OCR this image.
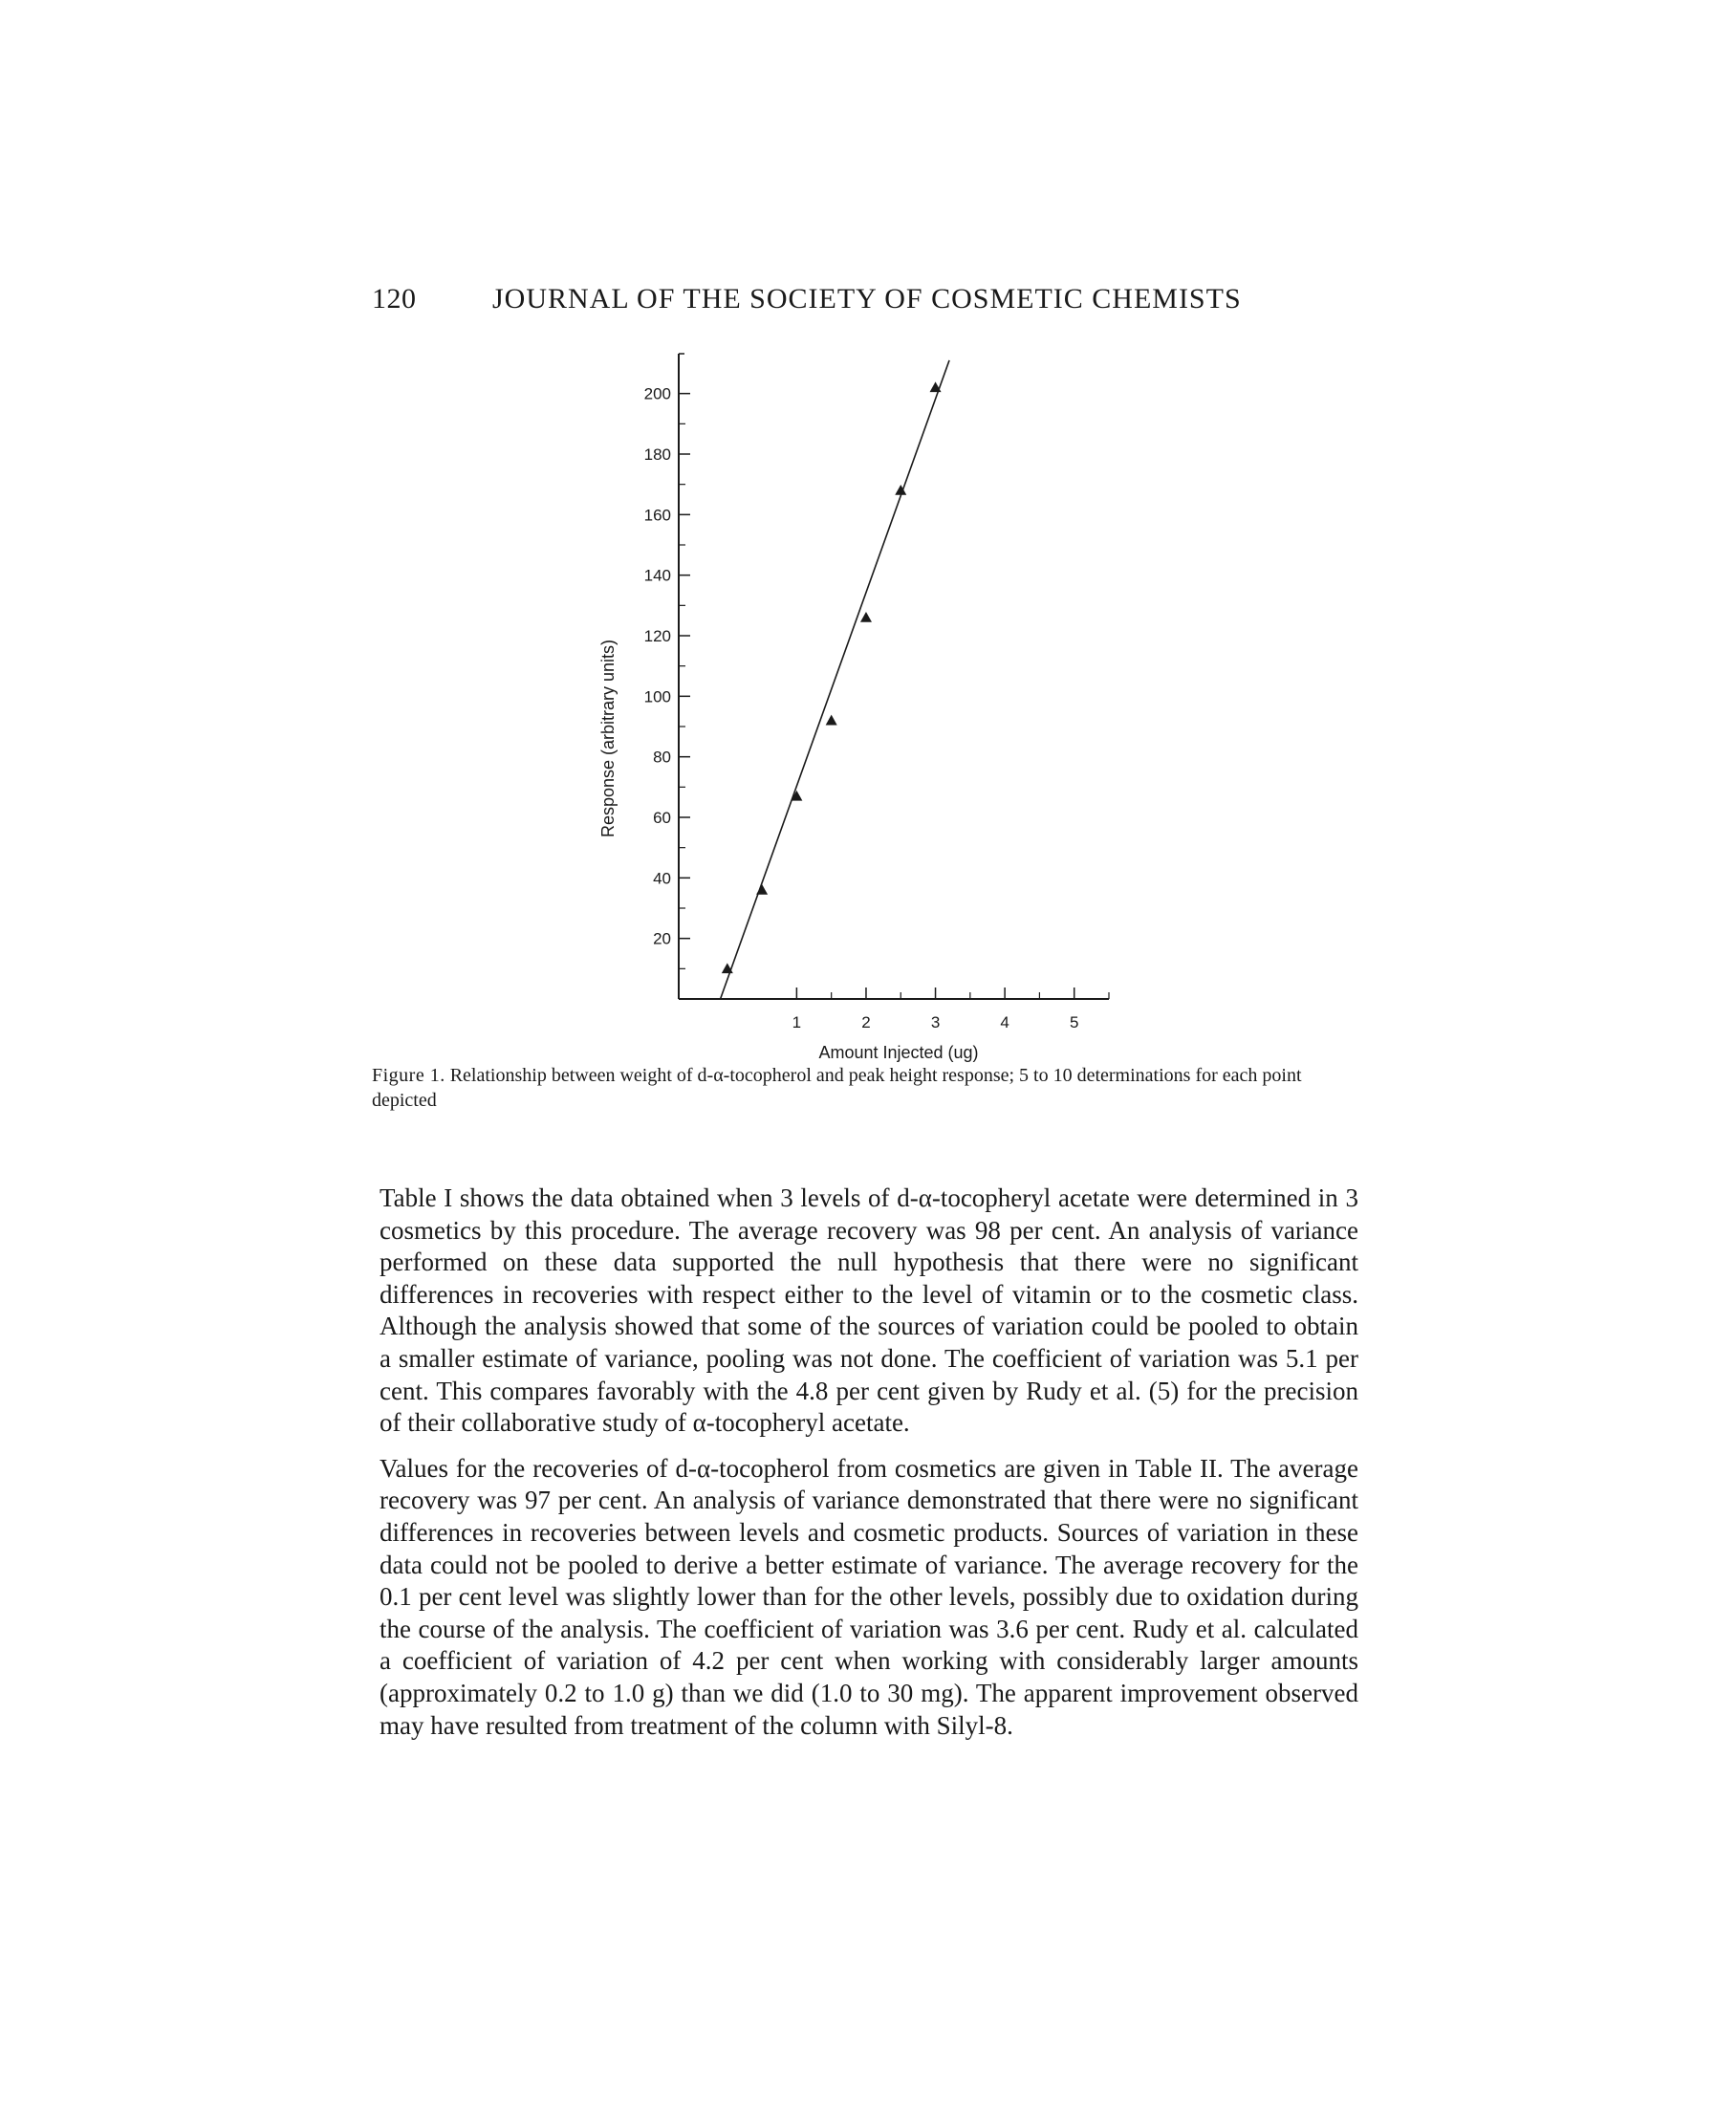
120	JOURNAL OF THE SOCIETY OF COSMETIC CHEMISTS
Response (arbitrary units)
20
40
60
80
100
120
140
160
180
200
1	2	3	4	5
Amount Injected (ug)
Figure 1. Relationship between weight of d-α-tocopherol and peak height response; 5 to 10 determinations for each point depicted

Table I shows the data obtained when 3 levels of d-α-tocopheryl acetate were determined in 3 cosmetics by this procedure. The average recovery was 98 per cent. An analysis of variance performed on these data supported the null hypothesis that there were no significant differences in recoveries with respect either to the level of vitamin or to the cosmetic class. Although the analysis showed that some of the sources of variation could be pooled to obtain a smaller estimate of variance, pooling was not done. The coefficient of variation was 5.1 per cent. This compares favorably with the 4.8 per cent given by Rudy et al. (5) for the precision of their collaborative study of α-tocopheryl acetate.

Values for the recoveries of d-α-tocopherol from cosmetics are given in Table II. The average recovery was 97 per cent. An analysis of variance demonstrated that there were no significant differences in recoveries between levels and cosmetic products. Sources of variation in these data could not be pooled to derive a better estimate of variance. The average recovery for the 0.1 per cent level was slightly lower than for the other levels, possibly due to oxidation during the course of the analysis. The coefficient of variation was 3.6 per cent. Rudy et al. calculated a coefficient of variation of 4.2 per cent when working with considerably larger amounts (approximately 0.2 to 1.0 g) than we did (1.0 to 30 mg). The apparent improvement observed may have resulted from treatment of the column with Silyl-8.
